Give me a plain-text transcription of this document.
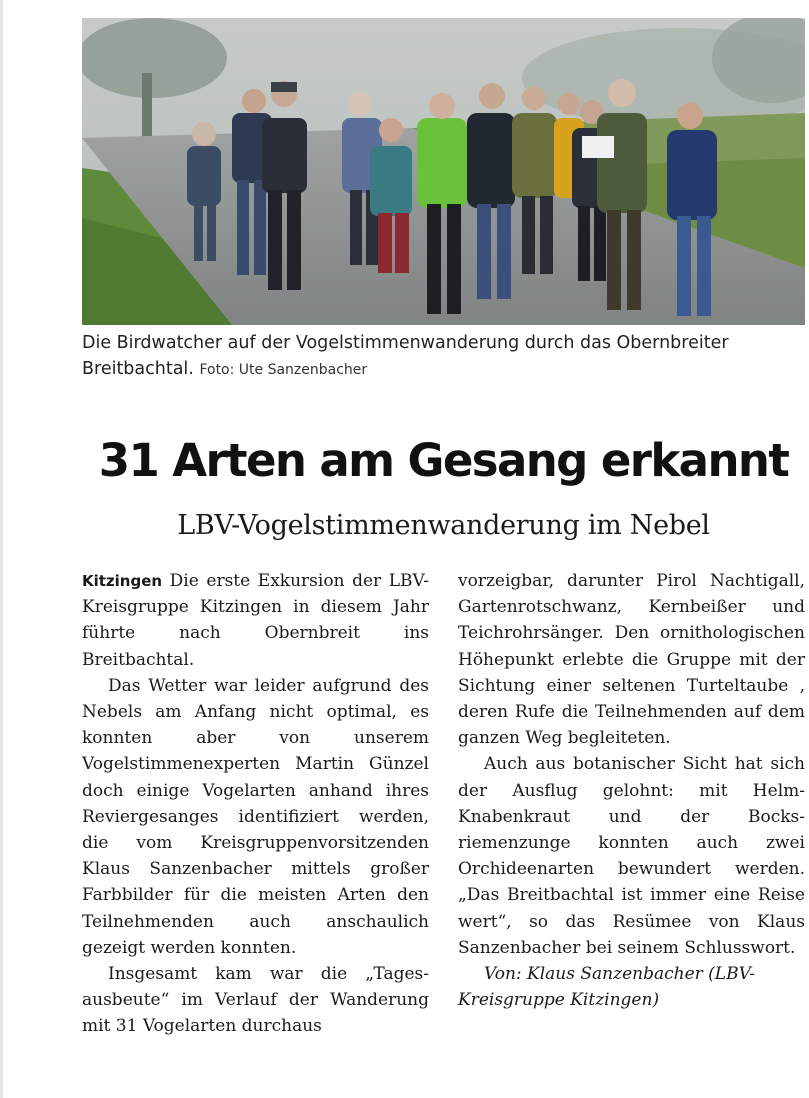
Die Birdwatcher auf der Vogelstimmenwanderung durch das Obernbreiter Breitbachtal. Foto: Ute Sanzenbacher
31 Arten am Gesang erkannt
LBV-Vogelstimmenwanderung im Nebel

Kitzingen Die erste Exkursion der LBV-Kreisgruppe Kitzingen in diesem Jahr führte nach Obernbreit ins Breitbachtal.

Das Wetter war leider aufgrund des Nebels am Anfang nicht optimal, es konnten aber von unserem Vogelstimmenexperten Martin Günzel doch einige Vogelarten anhand ihres Reviergesanges identifiziert werden, die vom Kreisgruppenvorsitzenden Klaus Sanzenbacher mittels großer Farbbilder für die meisten Arten den Teilnehmenden auch anschaulich gezeigt werden konnten.

Insgesamt kam war die „Tagesausbeute“ im Verlauf der Wanderung mit 31 Vogelarten durchaus

vorzeigbar, darunter Pirol Nachtigall, Gartenrotschwanz, Kernbeißer und Teichrohrsänger. Den ornithologischen Höhepunkt erlebte die Gruppe mit der Sichtung einer seltenen Turteltaube , deren Rufe die Teilnehmenden auf dem ganzen Weg begleiteten.

Auch aus botanischer Sicht hat sich der Ausflug gelohnt: mit Helm-Knabenkraut und der Bocksriemenzunge konnten auch zwei Orchideenarten bewundert werden. „Das Breitbachtal ist immer eine Reise wert“, so das Resümee von Klaus Sanzenbacher bei seinem Schlusswort.

Von: Klaus Sanzenbacher (LBV-Kreisgruppe Kitzingen)
